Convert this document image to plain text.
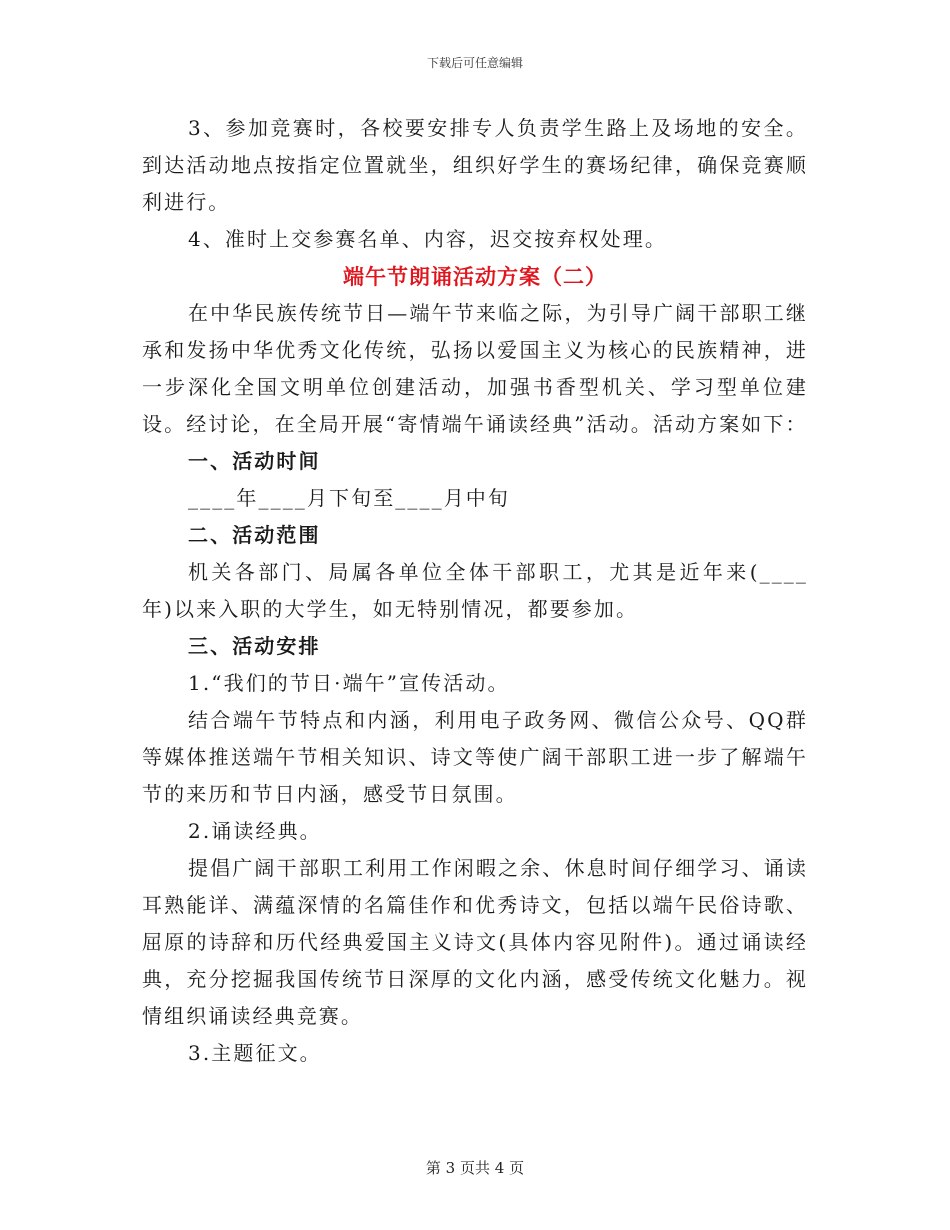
下载后可任意编辑

3、参加竞赛时，各校要安排专人负责学生路上及场地的安全。到达活动地点按指定位置就坐，组织好学生的赛场纪律，确保竞赛顺利进行。

4、准时上交参赛名单、内容，迟交按弃权处理。

端午节朗诵活动方案（二）

在中华民族传统节日—端午节来临之际，为引导广阔干部职工继承和发扬中华优秀文化传统，弘扬以爱国主义为核心的民族精神，进一步深化全国文明单位创建活动，加强书香型机关、学习型单位建设。经讨论，在全局开展“寄情端午诵读经典”活动。活动方案如下：

一、活动时间

____年____月下旬至____月中旬

二、活动范围

机关各部门、局属各单位全体干部职工，尤其是近年来(____年)以来入职的大学生，如无特别情况，都要参加。

三、活动安排

1.“我们的节日·端午”宣传活动。

结合端午节特点和内涵，利用电子政务网、微信公众号、QQ群等媒体推送端午节相关知识、诗文等使广阔干部职工进一步了解端午节的来历和节日内涵，感受节日氛围。

2.诵读经典。

提倡广阔干部职工利用工作闲暇之余、休息时间仔细学习、诵读耳熟能详、满蕴深情的名篇佳作和优秀诗文，包括以端午民俗诗歌、屈原的诗辞和历代经典爱国主义诗文(具体内容见附件)。通过诵读经典，充分挖掘我国传统节日深厚的文化内涵，感受传统文化魅力。视情组织诵读经典竞赛。

3.主题征文。

第 3 页共 4 页
